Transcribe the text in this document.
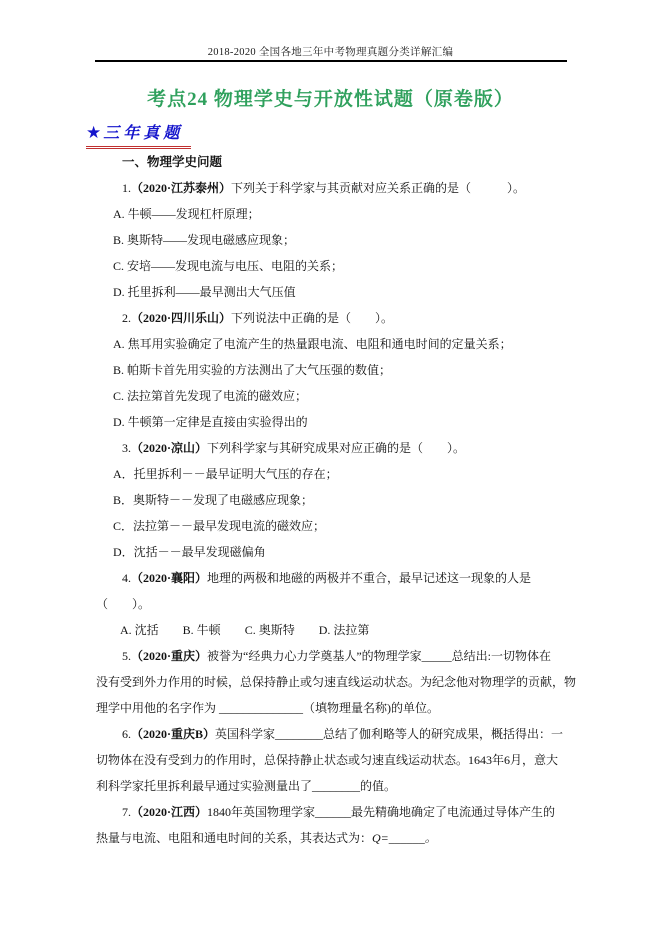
2018-2020 全国各地三年中考物理真题分类详解汇编
考点24 物理学史与开放性试题（原卷版）
★ 三年真题
一、物理学史问题
1.（2020·江苏泰州）下列关于科学家与其贡献对应关系正确的是（　　　）。
A. 牛顿——发现杠杆原理；
B. 奥斯特——发现电磁感应现象；
C. 安培——发现电流与电压、电阻的关系；
D. 托里拆利——最早测出大气压值
2.（2020·四川乐山）下列说法中正确的是（　　）。
A. 焦耳用实验确定了电流产生的热量跟电流、电阻和通电时间的定量关系；
B. 帕斯卡首先用实验的方法测出了大气压强的数值；
C. 法拉第首先发现了电流的磁效应；
D. 牛顿第一定律是直接由实验得出的
3.（2020·凉山）下列科学家与其研究成果对应正确的是（　　）。
A．托里拆利－－最早证明大气压的存在；
B．奥斯特－－发现了电磁感应现象；
C．法拉第－－最早发现电流的磁效应；
D．沈括－－最早发现磁偏角
4.（2020·襄阳）地理的两极和地磁的两极并不重合，最早记述这一现象的人是
（　　）。
A. 沈括 B. 牛顿 C. 奥斯特 D. 法拉第
5.（2020·重庆）被誉为“经典力心力学奠基人”的物理学家_____总结出:一切物体在
没有受到外力作用的时候，总保持静止或匀速直线运动状态。为纪念他对物理学的贡献，物
理学中用他的名字作为 ______________（填物理量名称)的单位。
6.（2020·重庆B）英国科学家________总结了伽利略等人的研究成果，概括得出：一
切物体在没有受到力的作用时，总保持静止状态或匀速直线运动状态。1643年6月，意大
利科学家托里拆利最早通过实验测量出了________的值。
7.（2020·江西）1840年英国物理学家______最先精确地确定了电流通过导体产生的
热量与电流、电阻和通电时间的关系，其表达式为：Q=______。
